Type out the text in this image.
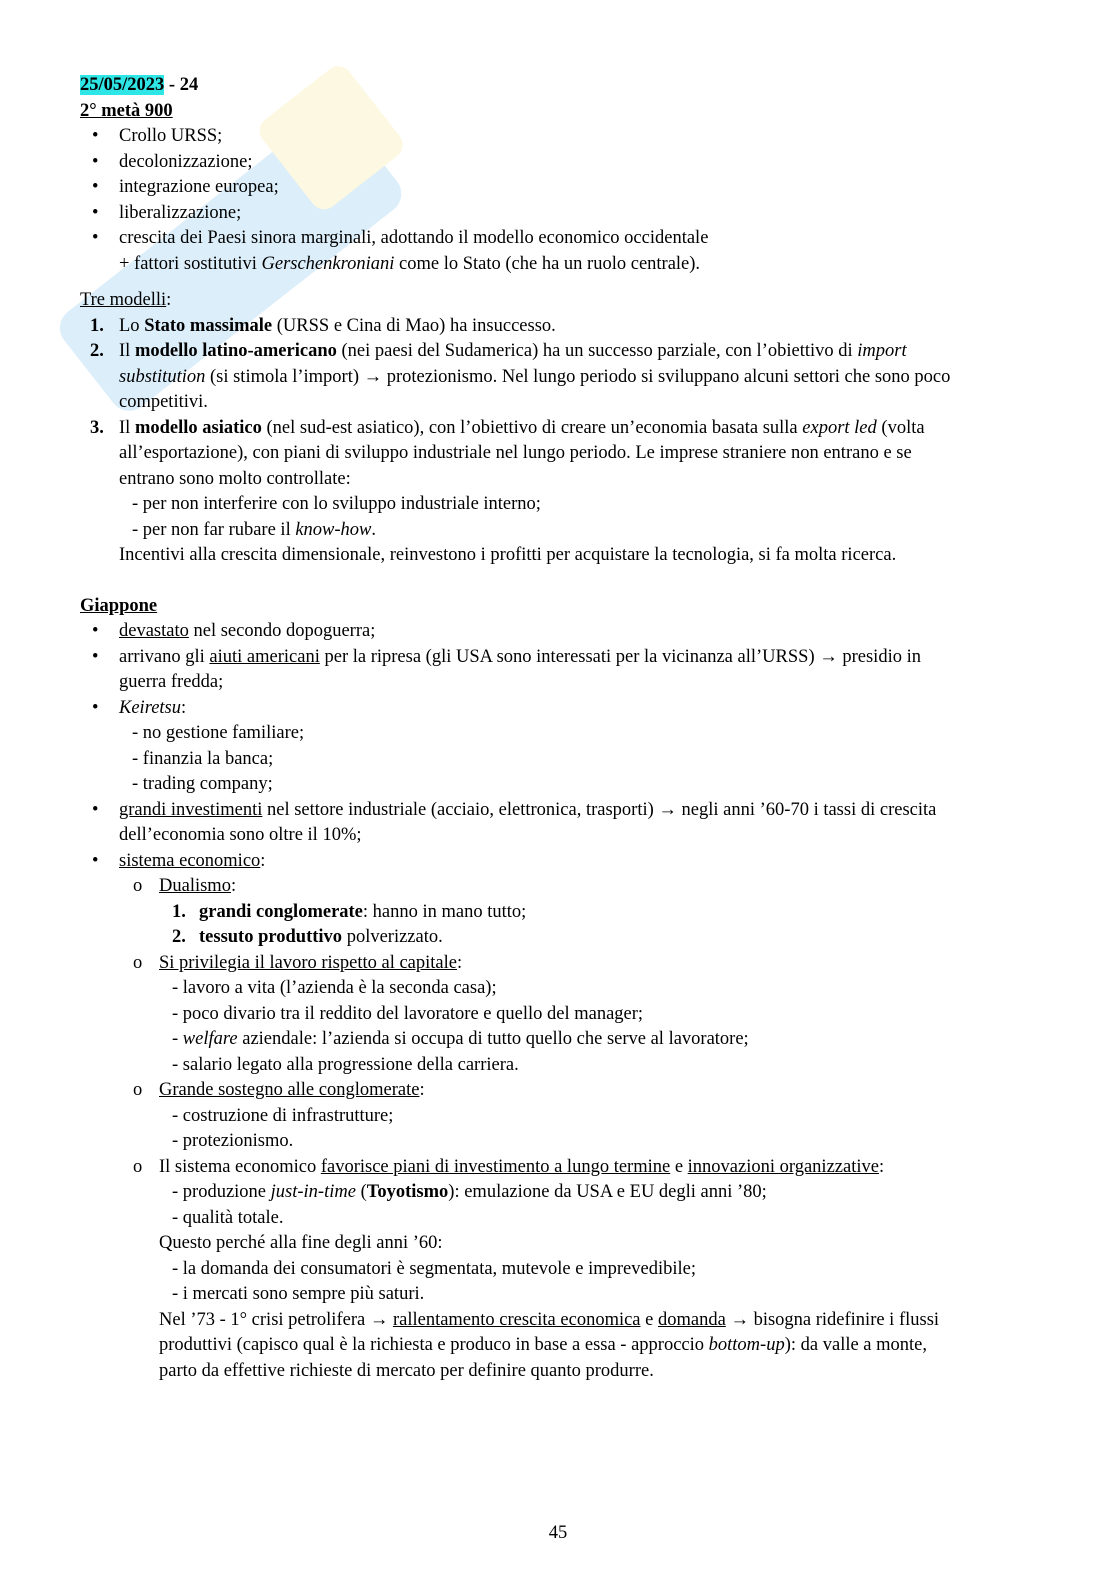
25/05/2023 - 24
2° metà 900
• Crollo URSS;
• decolonizzazione;
• integrazione europea;
• liberalizzazione;
• crescita dei Paesi sinora marginali, adottando il modello economico occidentale
+ fattori sostitutivi Gerschenkroniani come lo Stato (che ha un ruolo centrale).
Tre modelli:
1. Lo Stato massimale (URSS e Cina di Mao) ha insuccesso.
2. Il modello latino-americano (nei paesi del Sudamerica) ha un successo parziale, con l’obiettivo di import
substitution (si stimola l’import) → protezionismo. Nel lungo periodo si sviluppano alcuni settori che sono poco
competitivi.
3. Il modello asiatico (nel sud-est asiatico), con l’obiettivo di creare un’economia basata sulla export led (volta
all’esportazione), con piani di sviluppo industriale nel lungo periodo. Le imprese straniere non entrano e se
entrano sono molto controllate:
- per non interferire con lo sviluppo industriale interno;
- per non far rubare il know-how.
Incentivi alla crescita dimensionale, reinvestono i profitti per acquistare la tecnologia, si fa molta ricerca.
Giappone
• devastato nel secondo dopoguerra;
• arrivano gli aiuti americani per la ripresa (gli USA sono interessati per la vicinanza all’URSS) → presidio in
guerra fredda;
• Keiretsu:
- no gestione familiare;
- finanzia la banca;
- trading company;
• grandi investimenti nel settore industriale (acciaio, elettronica, trasporti) → negli anni ’60-70 i tassi di crescita
dell’economia sono oltre il 10%;
• sistema economico:
o Dualismo:
1. grandi conglomerate: hanno in mano tutto;
2. tessuto produttivo polverizzato.
o Si privilegia il lavoro rispetto al capitale:
- lavoro a vita (l’azienda è la seconda casa);
- poco divario tra il reddito del lavoratore e quello del manager;
- welfare aziendale: l’azienda si occupa di tutto quello che serve al lavoratore;
- salario legato alla progressione della carriera.
o Grande sostegno alle conglomerate:
- costruzione di infrastrutture;
- protezionismo.
o Il sistema economico favorisce piani di investimento a lungo termine e innovazioni organizzative:
- produzione just-in-time (Toyotismo): emulazione da USA e EU degli anni ’80;
- qualità totale.
Questo perché alla fine degli anni ’60:
- la domanda dei consumatori è segmentata, mutevole e imprevedibile;
- i mercati sono sempre più saturi.
Nel ’73 - 1° crisi petrolifera → rallentamento crescita economica e domanda → bisogna ridefinire i flussi
produttivi (capisco qual è la richiesta e produco in base a essa - approccio bottom-up): da valle a monte,
parto da effettive richieste di mercato per definire quanto produrre.
45
